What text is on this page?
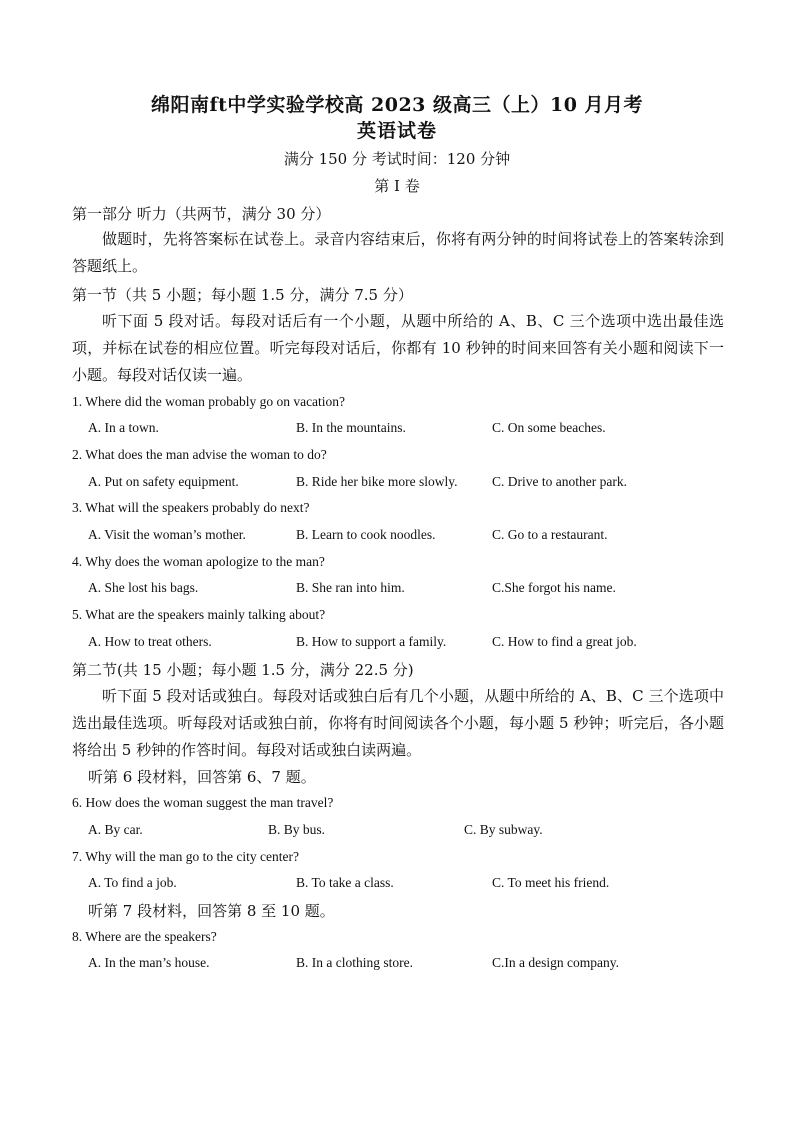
绵阳南ft中学实验学校高 2023 级高三（上）10 月月考
英语试卷
满分 150 分 考试时间：120 分钟
第 I 卷
第一部分 听力（共两节，满分 30 分）
做题时，先将答案标在试卷上。录音内容结束后，你将有两分钟的时间将试卷上的答案转涂到答题纸上。
第一节（共 5 小题；每小题 1.5 分，满分 7.5 分）
听下面 5 段对话。每段对话后有一个小题，从题中所给的 A、B、C 三个选项中选出最佳选项，并标在试卷的相应位置。听完每段对话后，你都有 10 秒钟的时间来回答有关小题和阅读下一小题。每段对话仅读一遍。
1. Where did the woman probably go on vacation?
A. In a town.	B. In the mountains.	C. On some beaches.
2. What does the man advise the woman to do?
A. Put on safety equipment.	B. Ride her bike more slowly.	C. Drive to another park.
3. What will the speakers probably do next?
A. Visit the woman’s mother.	B. Learn to cook noodles.	C. Go to a restaurant.
4. Why does the woman apologize to the man?
A. She lost his bags.	B. She ran into him.	C.She forgot his name.
5. What are the speakers mainly talking about?
A. How to treat others.	B. How to support a family.	C. How to find a great job.
第二节(共 15 小题；每小题 1.5 分，满分 22.5 分)
听下面 5 段对话或独白。每段对话或独白后有几个小题，从题中所给的 A、B、C 三个选项中选出最佳选项。听每段对话或独白前，你将有时间阅读各个小题，每小题 5 秒钟；听完后，各小题将给出 5 秒钟的作答时间。每段对话或独白读两遍。
听第 6 段材料，回答第 6、7 题。
6. How does the woman suggest the man travel?
A. By car.	B. By bus.	C. By subway.
7. Why will the man go to the city center?
A. To find a job.	B. To take a class.	C. To meet his friend.
听第 7 段材料，回答第 8 至 10 题。
8. Where are the speakers?
A. In the man’s house.	B. In a clothing store.	C.In a design company.
